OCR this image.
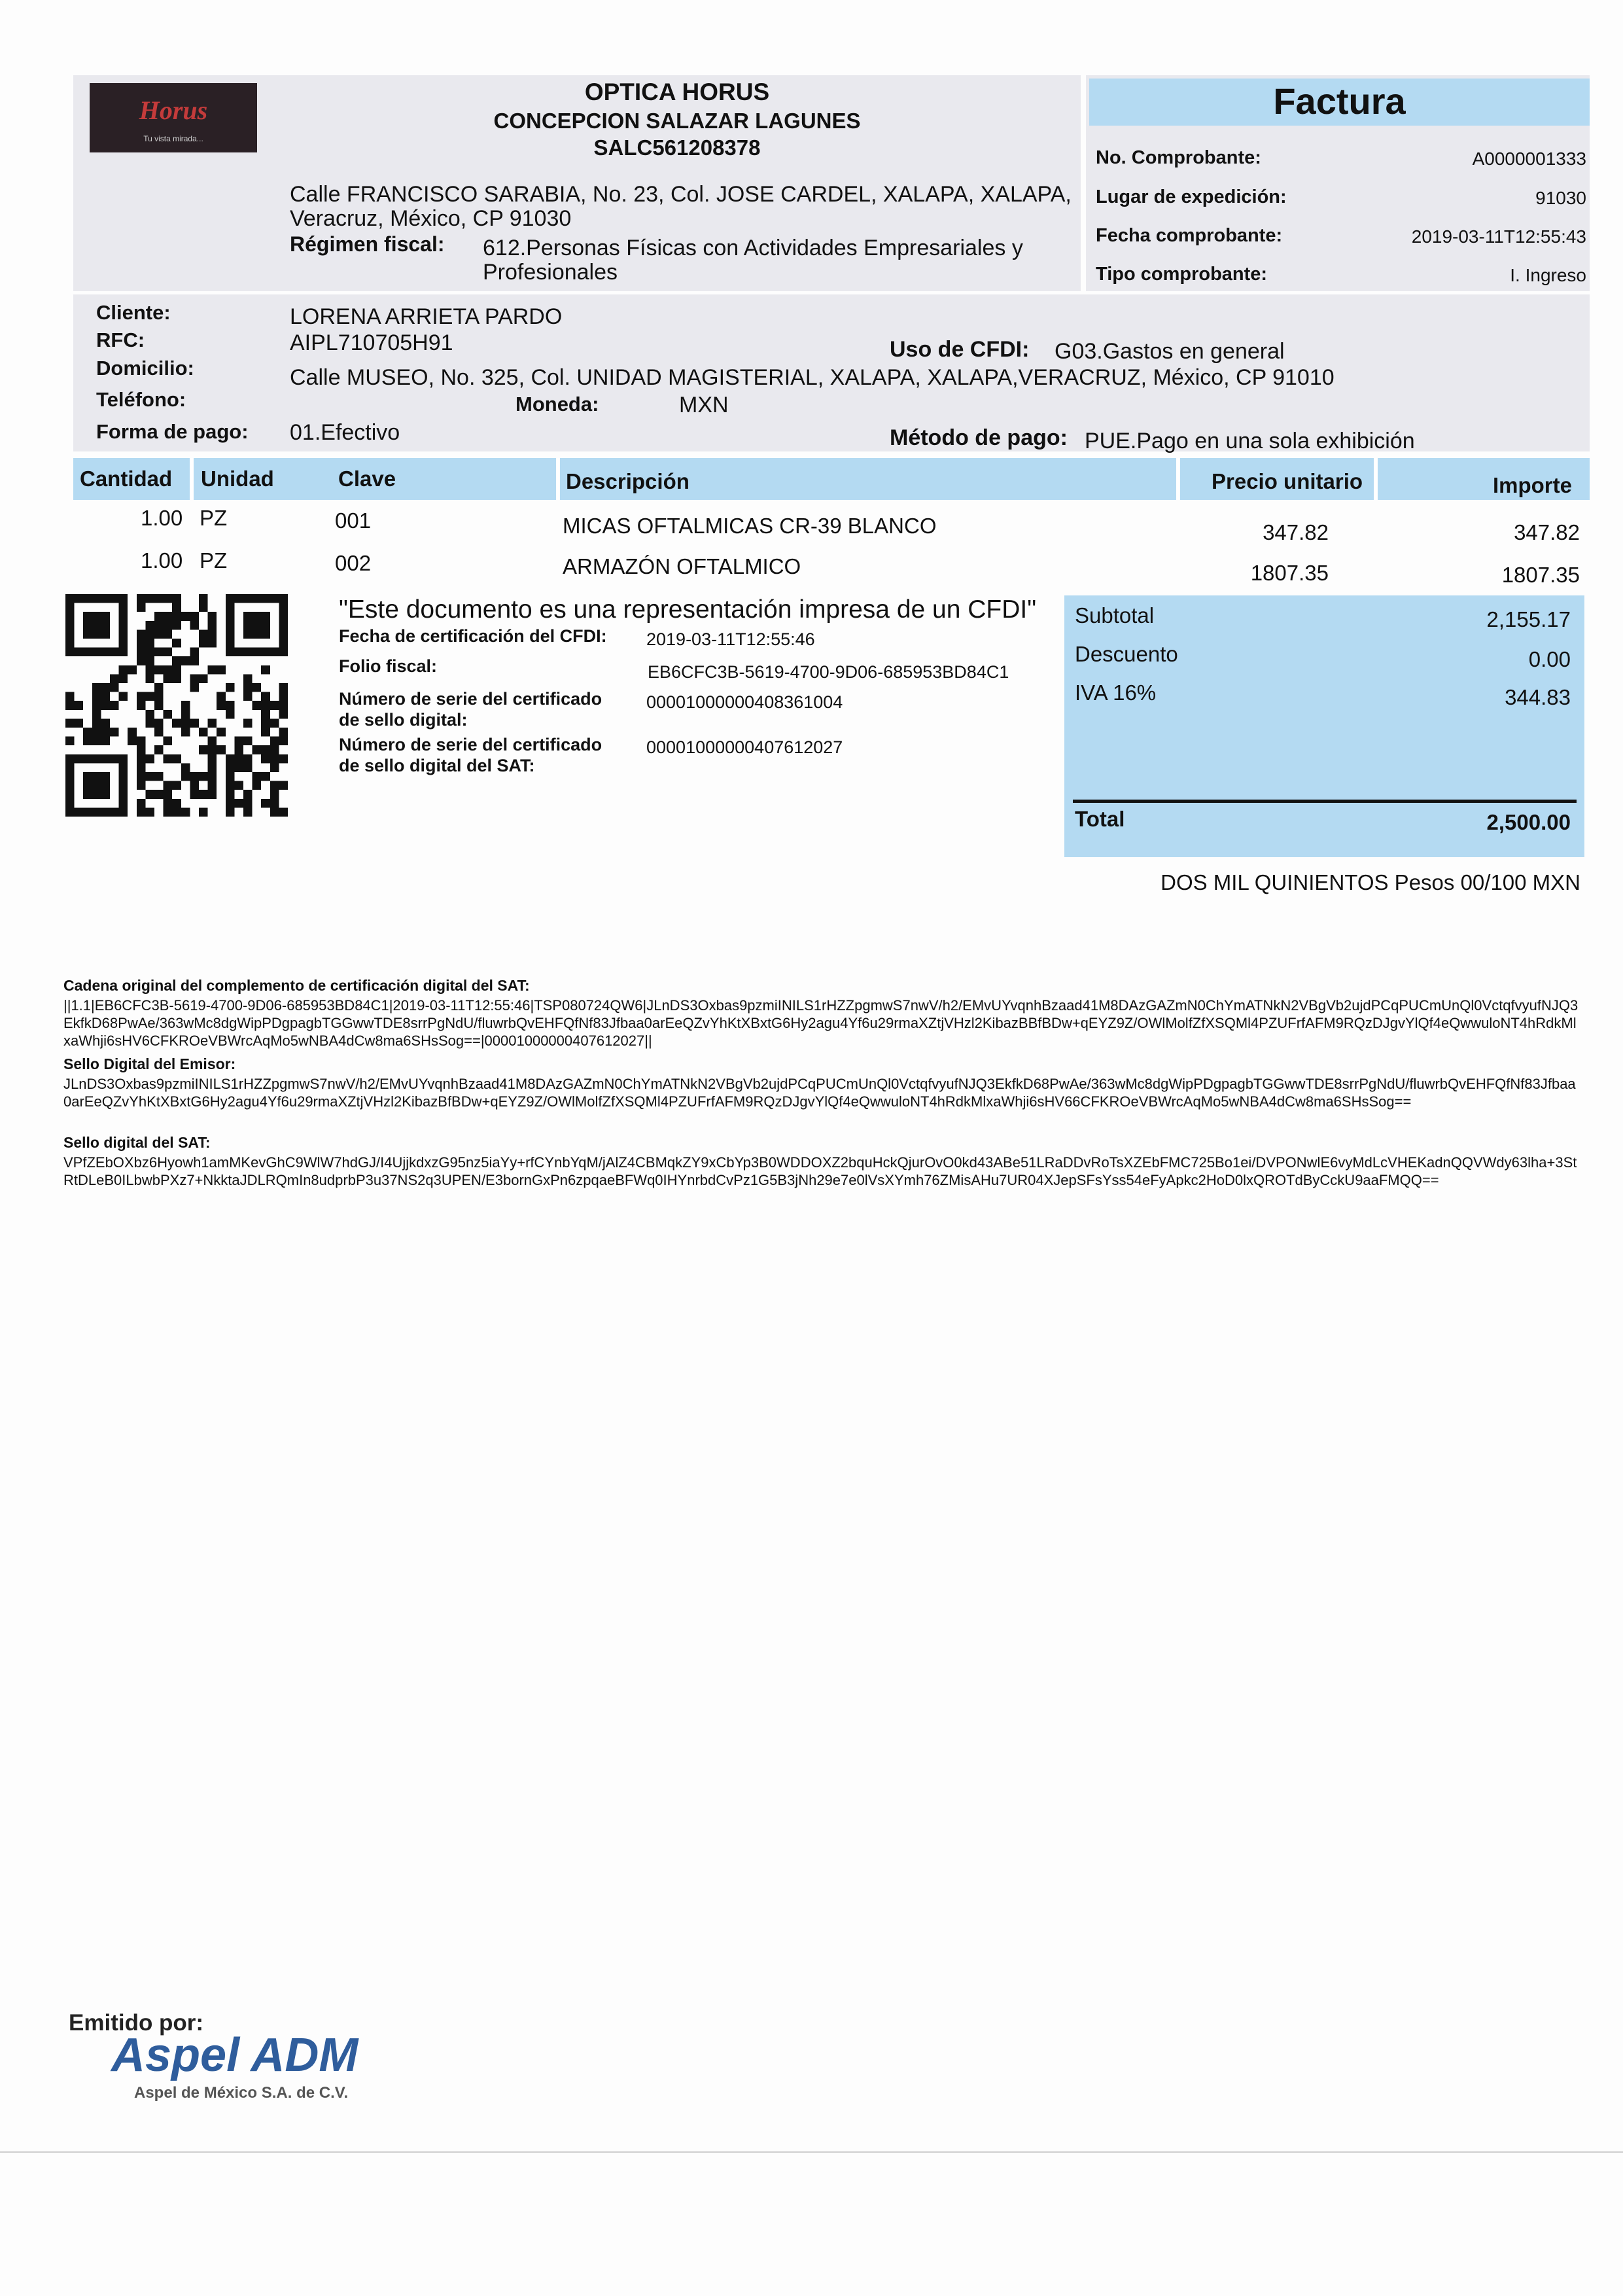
Horus
Tu vista mirada...
OPTICA HORUS
CONCEPCION SALAZAR LAGUNES
SALC561208378
Calle FRANCISCO SARABIA, No. 23, Col. JOSE CARDEL, XALAPA, XALAPA,
Veracruz, México, CP 91030
Régimen fiscal: 612.Personas Físicas con Actividades Empresariales y
Profesionales
Factura
No. Comprobante:	A0000001333
Lugar de expedición:	91030
Fecha comprobante:	2019-03-11T12:55:43
Tipo comprobante:	I. Ingreso
Cliente:	LORENA ARRIETA PARDO
RFC:	AIPL710705H91	Uso de CFDI: G03.Gastos en general
Domicilio:	Calle MUSEO, No. 325, Col. UNIDAD MAGISTERIAL, XALAPA, XALAPA,VERACRUZ, México, CP 91010
Teléfono:	Moneda:	MXN
Forma de pago: 01.Efectivo	Método de pago: PUE.Pago en una sola exhibición
Cantidad Unidad	Clave	Descripción	Precio unitario	Importe
1.00 PZ	001	MICAS OFTALMICAS CR-39 BLANCO	347.82	347.82
1.00 PZ	002	ARMAZÓN OFTALMICO	1807.35	1807.35
"Este documento es una representación impresa de un CFDI"
Fecha de certificación del CFDI: 2019-03-11T12:55:46
Folio fiscal:	EB6CFC3B-5619-4700-9D06-685953BD84C1
Número de serie del certificado
de sello digital:
00001000000408361004
Número de serie del certificado
de sello digital del SAT:
00001000000407612027
Subtotal	2,155.17
Descuento	0.00
IVA 16%	344.83
Total	2,500.00
DOS MIL QUINIENTOS Pesos 00/100 MXN
Cadena original del complemento de certificación digital del SAT:
||1.1|EB6CFC3B-5619-4700-9D06-685953BD84C1|2019-03-11T12:55:46|TSP080724QW6|JLnDS3Oxbas9pzmiINILS1rHZZpgmwS7nwV/h2/EMvUYvqnhBzaad41M8DAzGAZmN0ChYmATNkN2VBgVb2ujdPCqPUCmUnQl0VctqfvyufNJQ3EkfkD68PwAe/363wMc8dgWipPDgpagbTGGwwTDE8srrPgNdU/fluwrbQvEHFQfNf83Jfbaa0arEeQZvYhKtXBxtG6Hy2agu4Yf6u29rmaXZtjVHzl2KibazBBfBDw+qEYZ9Z/OWlMolfZfXSQMl4PZUFrfAFM9RQzDJgvYlQf4eQwwuloNT4hRdkMlxaWhji6sHV6CFKROeVBWrcAqMo5wNBA4dCw8ma6SHsSog==|00001000000407612027||
Sello Digital del Emisor:
JLnDS3Oxbas9pzmiINILS1rHZZpgmwS7nwV/h2/EMvUYvqnhBzaad41M8DAzGAZmN0ChYmATNkN2VBgVb2ujdPCqPUCmUnQl0VctqfvyufNJQ3EkfkD68PwAe/363wMc8dgWipPDgpagbTGGwwTDE8srrPgNdU/fluwrbQvEHFQfNf83Jfbaa0arEeQZvYhKtXBxtG6Hy2agu4Yf6u29rmaXZtjVHzl2KibazBfBDw+qEYZ9Z/OWlMolfZfXSQMl4PZUFrfAFM9RQzDJgvYlQf4eQwwuloNT4hRdkMlxaWhji6sHV66CFKROeVBWrcAqMo5wNBA4dCw8ma6SHsSog==
Sello digital del SAT:
VPfZEbOXbz6Hyowh1amMKevGhC9WlW7hdGJ/I4UjjkdxzG95nz5iaYy+rfCYnbYqM/jAlZ4CBMqkZY9xCbYp3B0WDDOXZ2bquHckQjurOvO0kd43ABe51LRaDDvRoTsXZEbFMC725Bo1ei/DVPONwlE6vyMdLcVHEKadnQQVWdy63lha+3StRtDLeB0ILbwbPXz7+NkktaJDLRQmIn8udprbP3u37NS2q3UPEN/E3bornGxPn6zpqaeBFWq0IHYnrbdCvPz1G5B3jNh29e7e0lVsXYmh76ZMisAHu7UR04XJepSFsYss54eFyApkc2HoD0lxQROTdByCckU9aaFMQQ==
Emitido por:
Aspel ADM
Aspel de México S.A. de C.V.
